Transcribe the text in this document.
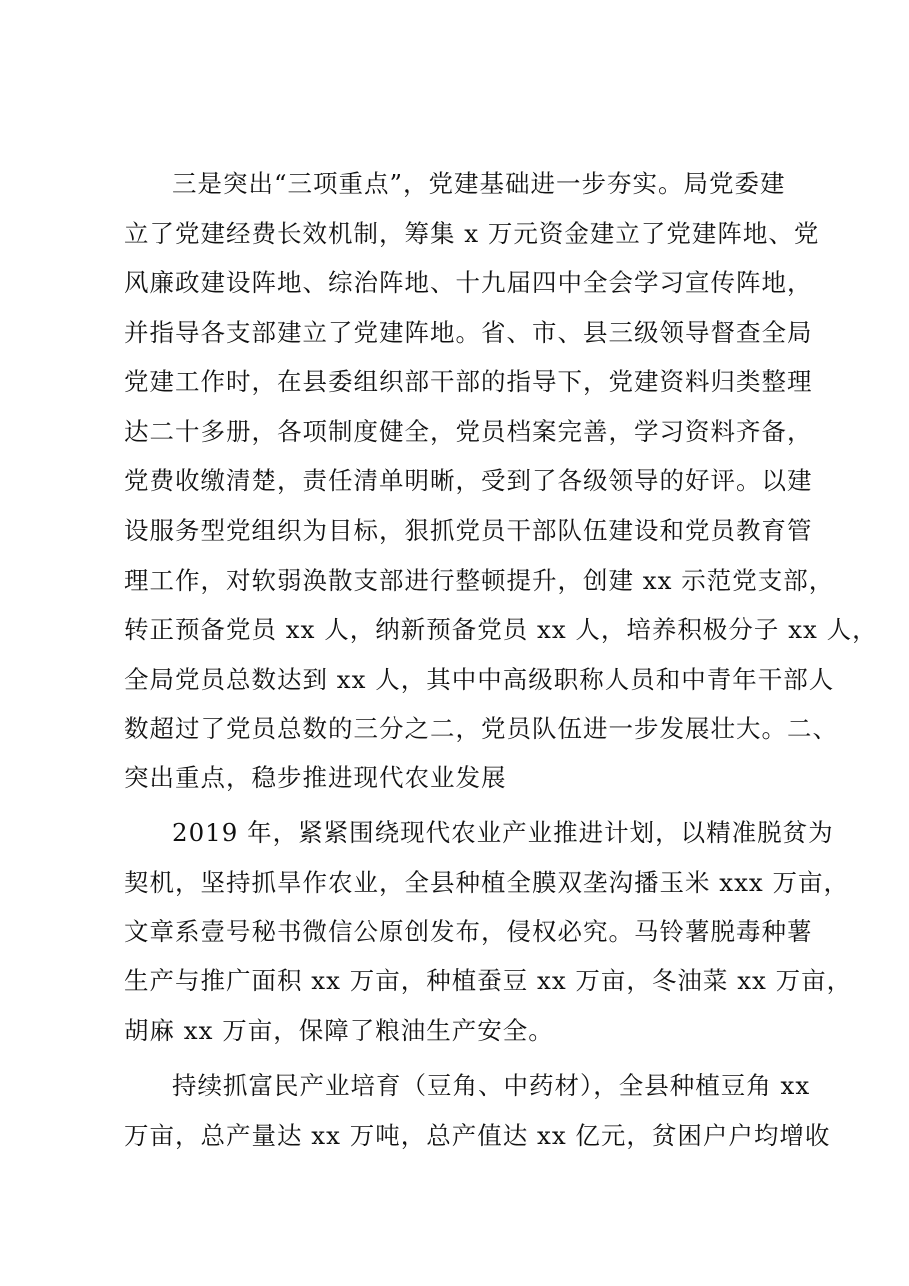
三是突出“三项重点”，党建基础进一步夯实。局党委建
立了党建经费长效机制，筹集 x 万元资金建立了党建阵地、党
风廉政建设阵地、综治阵地、十九届四中全会学习宣传阵地，
并指导各支部建立了党建阵地。省、市、县三级领导督查全局
党建工作时，在县委组织部干部的指导下，党建资料归类整理
达二十多册，各项制度健全，党员档案完善，学习资料齐备，
党费收缴清楚，责任清单明晰，受到了各级领导的好评。以建
设服务型党组织为目标，狠抓党员干部队伍建设和党员教育管
理工作，对软弱涣散支部进行整顿提升，创建 xx 示范党支部，
转正预备党员 xx 人，纳新预备党员 xx 人，培养积极分子 xx 人，
全局党员总数达到 xx 人，其中中高级职称人员和中青年干部人
数超过了党员总数的三分之二，党员队伍进一步发展壮大。二、
突出重点，稳步推进现代农业发展
2019 年，紧紧围绕现代农业产业推进计划，以精准脱贫为
契机，坚持抓旱作农业，全县种植全膜双垄沟播玉米 xxx 万亩，
文章系壹号秘书微信公原创发布，侵权必究。马铃薯脱毒种薯
生产与推广面积 xx 万亩，种植蚕豆 xx 万亩，冬油菜 xx 万亩，
胡麻 xx 万亩，保障了粮油生产安全。
持续抓富民产业培育（豆角、中药材），全县种植豆角 xx
万亩，总产量达 xx 万吨，总产值达 xx 亿元，贫困户户均增收
